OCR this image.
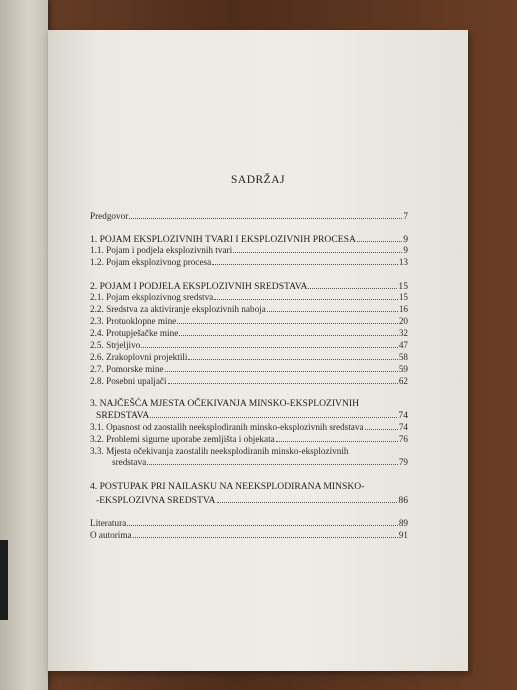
SADRŽAJ
Predgovor	7
1. POJAM EKSPLOZIVNIH TVARI I EKSPLOZIVNIH PROCESA	9
1.1. Pojam i podjela eksplozivnih tvari	9
1.2. Pojam eksplozivnog procesa	13
2. POJAM I PODJELA EKSPLOZIVNIH SREDSTAVA	15
2.1. Pojam eksplozivnog sredstva	15
2.2. Sredstva za aktiviranje eksplozivnih naboja	16
2.3. Protuoklopne mine	20
2.4. Protupješačke mine	32
2.5. Strjeljivo	47
2.6. Zrakoplovni projektili	58
2.7. Pomorske mine	59
2.8. Posebni upaljači	62
3. NAJČEŠĆA MJESTA OČEKIVANJA MINSKO-EKSPLOZIVNIH
SREDSTAVA	74
3.1. Opasnost od zaostalih neeksplodiranih minsko-eksplozivnih sredstava	74
3.2. Problemi sigurne uporabe zemljišta i objekata	76
3.3. Mjesta očekivanja zaostalih neeksplodiranih minsko-eksplozivnih
sredstava	79
4. POSTUPAK PRI NAILASKU NA NEEKSPLODIRANA MINSKO-
-EKSPLOZIVNA SREDSTVA	86
Literatura	89
O autorima	91
